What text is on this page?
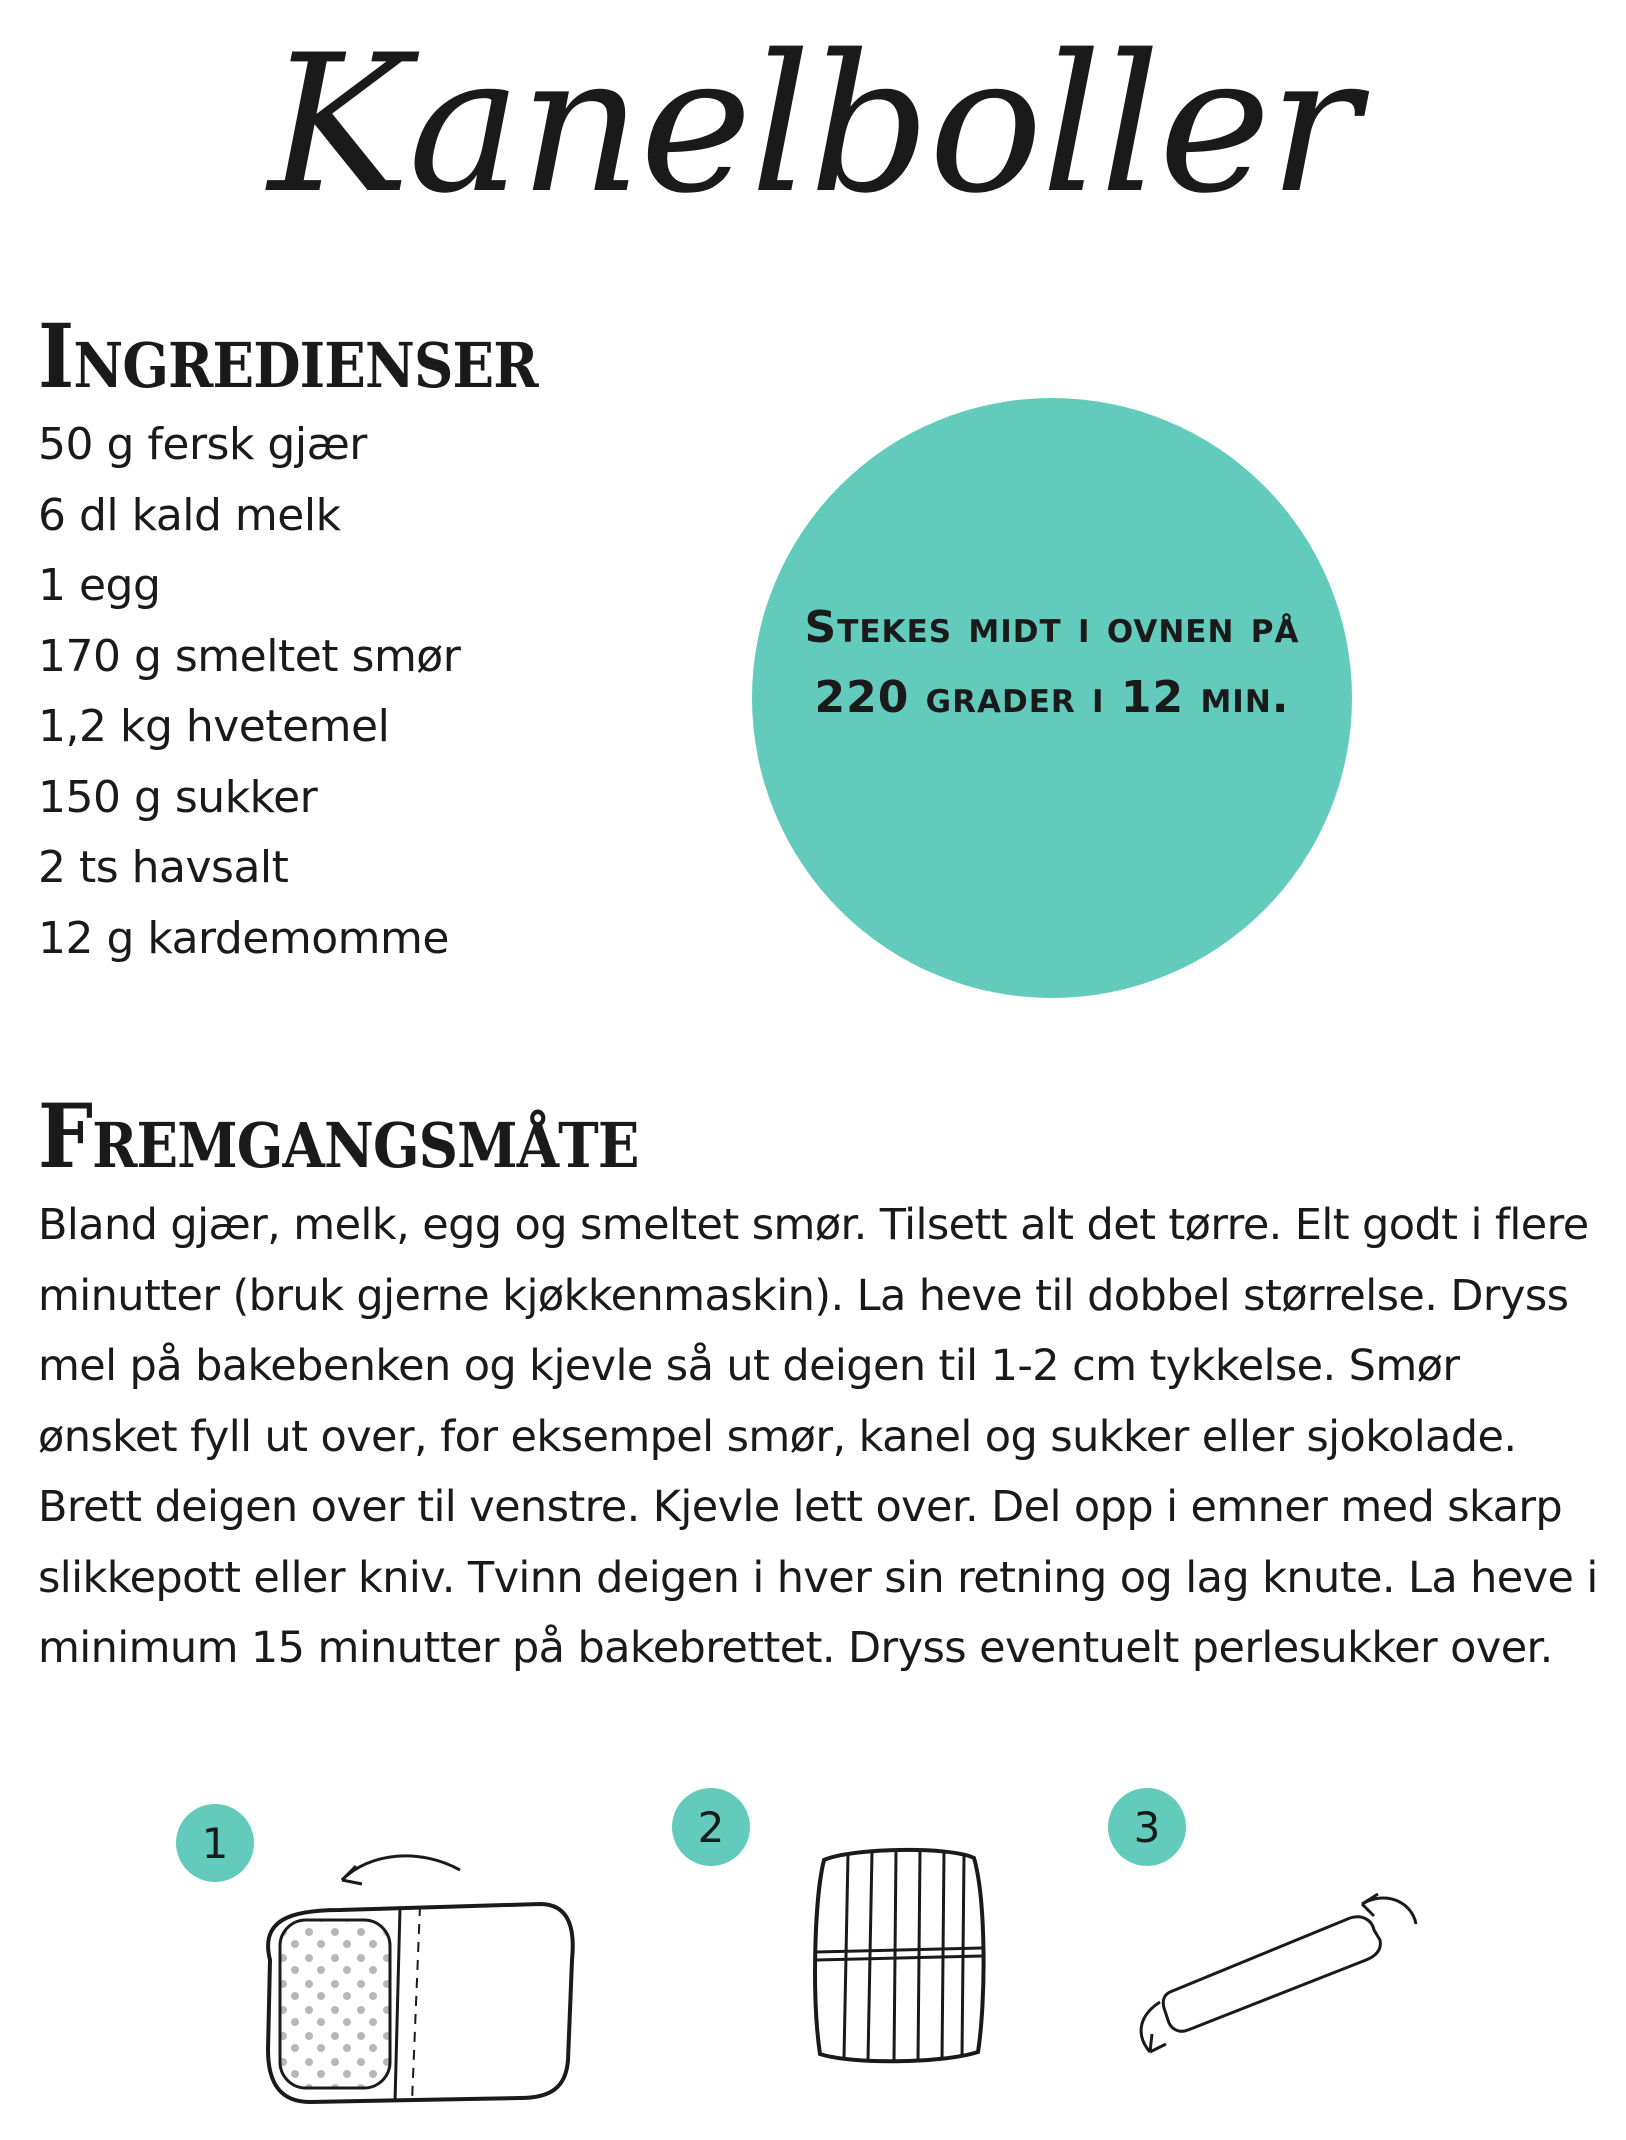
Kanelboller
Ingredienser
50 g fersk gjær
6 dl kald melk
1 egg
170 g smeltet smør
1,2 kg hvetemel
150 g sukker
2 ts havsalt
12 g kardemomme
Stekes midt i ovnen på
220 grader i 12 min.
Fremgangsmåte

Bland gjær, melk, egg og smeltet smør. Tilsett alt det tørre. Elt godt i flere minutter (bruk gjerne kjøkkenmaskin). La heve til dobbel størrelse. Dryss mel på bakebenken og kjevle så ut deigen til 1-2 cm tykkelse. Smør ønsket fyll ut over, for eksempel smør, kanel og sukker eller sjokolade. Brett deigen over til venstre. Kjevle lett over. Del opp i emner med skarp slikkepott eller kniv. Tvinn deigen i hver sin retning og lag knute. La heve i minimum 15 minutter på bakebrettet. Dryss eventuelt perlesukker over.

1	2	3
